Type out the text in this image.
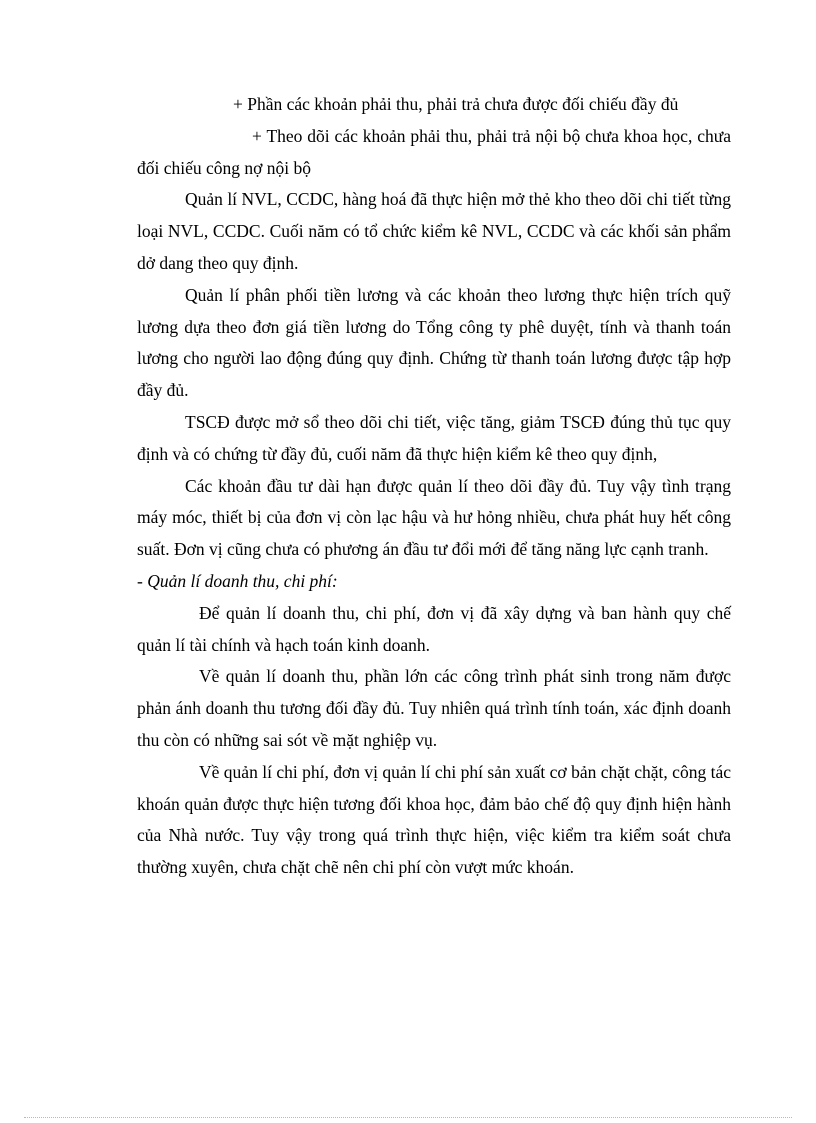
+ Phần các khoản phải thu, phải trả chưa được đối chiếu đầy đủ

+ Theo dõi các khoản phải thu, phải trả nội bộ chưa khoa học, chưa đối chiếu công nợ nội bộ

Quản lí NVL, CCDC, hàng hoá đã thực hiện mở thẻ kho theo dõi chi tiết từng loại NVL, CCDC. Cuối năm có tổ chức kiểm kê NVL, CCDC và các khối sản phẩm dở dang theo quy định.

Quản lí phân phối tiền lương và các khoản theo lương thực hiện trích quỹ lương dựa theo đơn giá tiền lương do Tổng công ty phê duyệt, tính và thanh toán lương cho người lao động đúng quy định. Chứng từ thanh toán lương được tập hợp đầy đủ.

TSCĐ được mở sổ theo dõi chi tiết, việc tăng, giảm TSCĐ đúng thủ tục quy định và có chứng từ đầy đủ, cuối năm đã thực hiện kiểm kê theo quy định,

Các khoản đầu tư dài hạn được quản lí theo dõi đầy đủ. Tuy vậy tình trạng máy móc, thiết bị của đơn vị còn lạc hậu và hư hỏng nhiều, chưa phát huy hết công suất. Đơn vị cũng chưa có phương án đầu tư đổi mới để tăng năng lực cạnh tranh.

- Quản lí doanh thu, chi phí:

Để quản lí doanh thu, chi phí, đơn vị đã xây dựng và ban hành quy chế quản lí tài chính và hạch toán kinh doanh.

Về quản lí doanh thu, phần lớn các công trình phát sinh trong năm được phản ánh doanh thu tương đối đầy đủ. Tuy nhiên quá trình tính toán, xác định doanh thu còn có những sai sót về mặt nghiệp vụ.

Về quản lí chi phí, đơn vị quản lí chi phí sản xuất cơ bản chặt chặt, công tác khoán quản được thực hiện tương đối khoa học, đảm bảo chế độ quy định hiện hành của Nhà nước. Tuy vậy trong quá trình thực hiện, việc kiểm tra kiểm soát chưa thường xuyên, chưa chặt chẽ nên chi phí còn vượt mức khoán.
